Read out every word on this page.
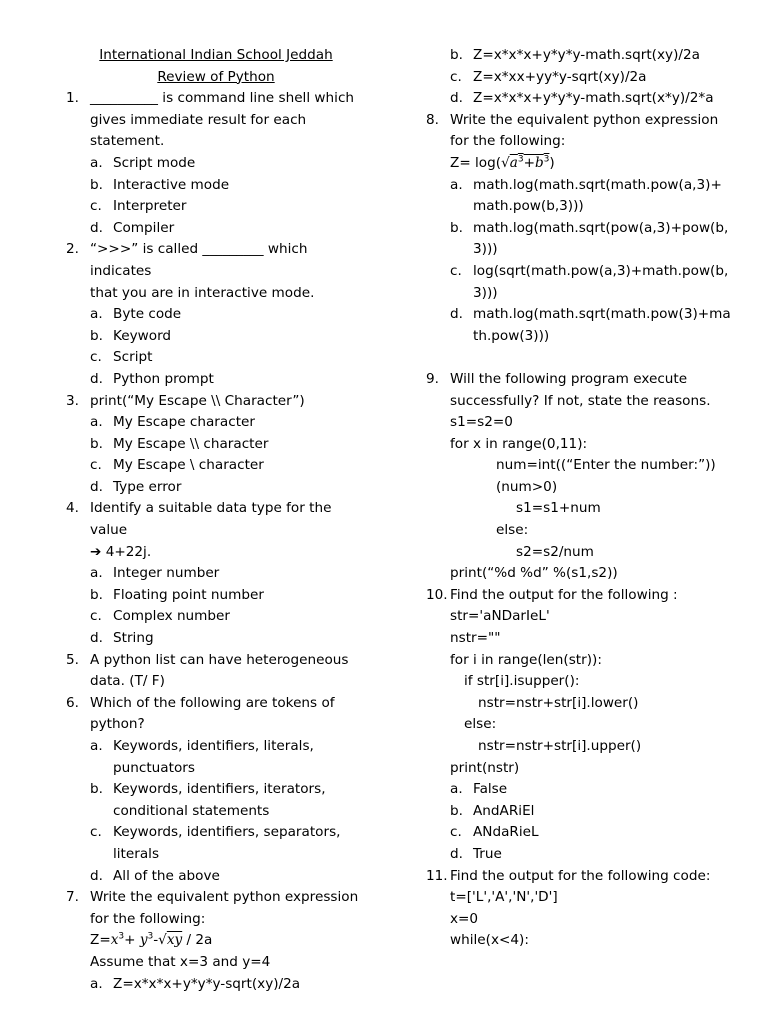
International Indian School Jeddah
Review of Python
1. __________ is command line shell which
gives immediate result for each
statement.
a. Script mode
b. Interactive mode
c. Interpreter
d. Compiler
2. “>>>” is called _________ which indicates
that you are in interactive mode.
a. Byte code
b. Keyword
c. Script
d. Python prompt
3. print(“My Escape \\ Character”)
a. My Escape character
b. My Escape \\ character
c. My Escape \ character
d. Type error
4. Identify a suitable data type for the value
➔ 4+22j.
a. Integer number
b. Floating point number
c. Complex number
d. String
5. A python list can have heterogeneous
data. (T/ F)
6. Which of the following are tokens of
python?
a. Keywords, identifiers, literals,
punctuators
b. Keywords, identifiers, iterators,
conditional statements
c. Keywords, identifiers, separators,
literals
d. All of the above
7. Write the equivalent python expression
for the following:
$Z=x^3+ y^3-√xy / 2a$
Assume that x=3 and y=4
a. Z=x*x*x+y*y*y-sqrt(xy)/2a
b. Z=x*x*x+y*y*y-math.sqrt(xy)/2a
c. Z=x*xx+yy*y-sqrt(xy)/2a
d. Z=x*x*x+y*y*y-math.sqrt(x*y)/2*a
8. Write the equivalent python expression
for the following:
$Z= \log(√a^3+b^3)$
a. math.log(math.sqrt(math.pow(a,3)+
math.pow(b,3)))
b. math.log(math.sqrt(pow(a,3)+pow(b,
3)))
c. log(sqrt(math.pow(a,3)+math.pow(b,
3)))
d. math.log(math.sqrt(math.pow(3)+ma
th.pow(3)))
9. Will the following program execute
successfully? If not, state the reasons.
s1=s2=0
for x in range(0,11):
num=int((“Enter the number:”))
(num>0)
s1=s1+num
else:
s2=s2/num
print(“%d %d” %(s1,s2))
10. Find the output for the following :
str='aNDarIeL'
nstr=""
for i in range(len(str)):
if str[i].isupper():
nstr=nstr+str[i].lower()
else:
nstr=nstr+str[i].upper()
print(nstr)
a. False
b. AndARiEl
c. ANdaRieL
d. True
11. Find the output for the following code:
t=['L','A','N','D']
x=0
while(x<4):
